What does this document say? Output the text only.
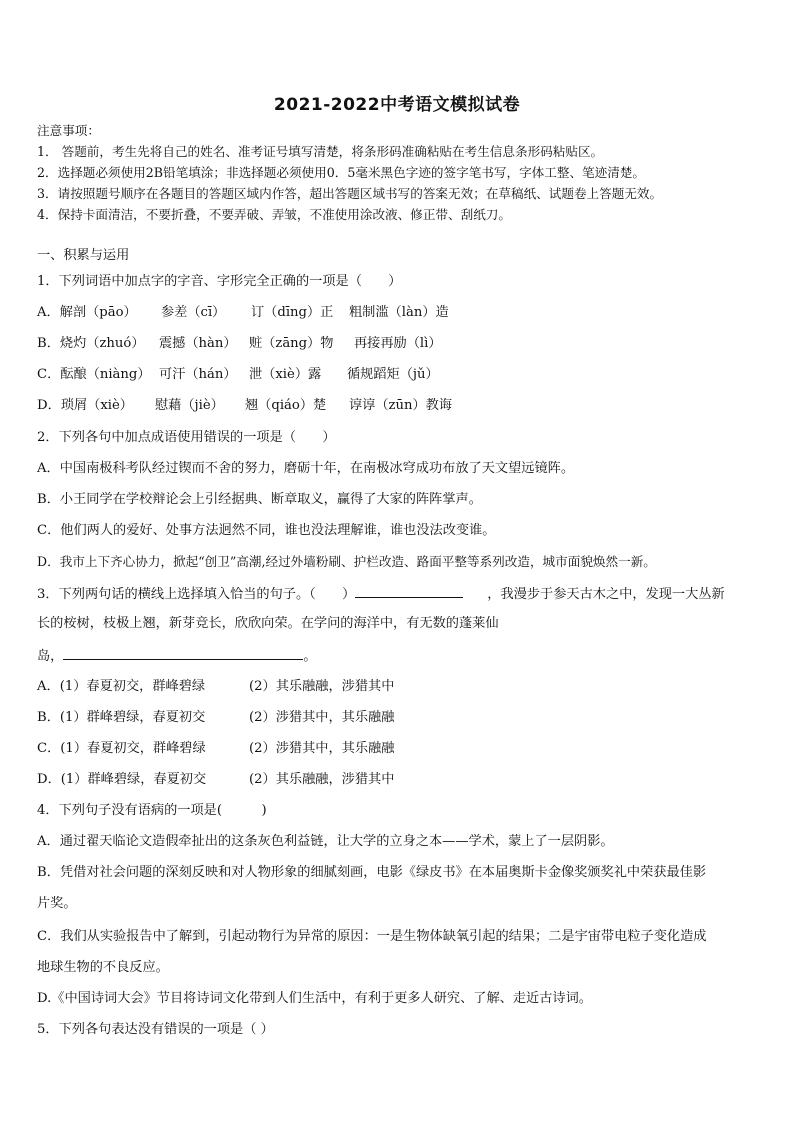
2021-2022中考语文模拟试卷
注意事项：
1． 答题前，考生先将自己的姓名、准考证号填写清楚，将条形码准确粘贴在考生信息条形码粘贴区。
2．选择题必须使用2B铅笔填涂；非选择题必须使用0．5毫米黑色字迹的签字笔书写，字体工整、笔迹清楚。
3．请按照题号顺序在各题目的答题区域内作答，超出答题区域书写的答案无效；在草稿纸、试题卷上答题无效。
4．保持卡面清洁，不要折叠，不要弄破、弄皱，不准使用涂改液、修正带、刮纸刀。
一、积累与运用
1．下列词语中加点字的字音、字形完全正确的一项是（　　）
A．解剖（pāo） 参差（cī） 订（dīng）正 粗制滥（làn）造
B．烧灼（zhuó） 震撼（hàn） 赃（zāng）物 再接再励（lì）
C．酝酿（niàng） 可汗（hán） 泄（xiè）露 循规蹈矩（jǔ）
D．琐屑（xiè） 慰藉（jiè） 翘（qiáo）楚 谆谆（zūn）教诲
2．下列各句中加点成语使用错误的一项是（　　）
A．中国南极科考队经过锲而不舍的努力，磨砺十年，在南极冰穹成功布放了天文望远镜阵。
B．小王同学在学校辩论会上引经据典、断章取义，赢得了大家的阵阵掌声。
C．他们两人的爱好、处事方法迥然不同，谁也没法理解谁，谁也没法改变谁。
D．我市上下齐心协力，掀起“创卫”高潮,经过外墙粉刷、护栏改造、路面平整等系列改造，城市面貌焕然一新。
3．下列两句话的横线上选择填入恰当的句子。（　　）	，我漫步于参天古木之中，发现一大丛新
长的桉树，枝极上翘，新芽竞长，欣欣向荣。在学问的海洋中，有无数的蓬莱仙
岛，	。
A．(1）春夏初交，群峰碧绿	(2）其乐融融，涉猎其中
B．(1）群峰碧绿，春夏初交	(2）涉猎其中，其乐融融
C．(1）春夏初交，群峰碧绿	(2）涉猎其中，其乐融融
D．(1）群峰碧绿，春夏初交	(2）其乐融融，涉猎其中
4．下列句子没有语病的一项是(　　　)
A．通过翟天临论文造假牵扯出的这条灰色利益链，让大学的立身之本——学术，蒙上了一层阴影。
B．凭借对社会问题的深刻反映和对人物形象的细腻刻画，电影《绿皮书》在本届奥斯卡金像奖颁奖礼中荣获最佳影
片奖。
C．我们从实验报告中了解到，引起动物行为异常的原因：一是生物体缺氧引起的结果；二是宇宙带电粒子变化造成
地球生物的不良反应。
D.《中国诗词大会》节目将诗词文化带到人们生活中，有利于更多人研究、了解、走近古诗词。
5．下列各句表达没有错误的一项是（ ）
